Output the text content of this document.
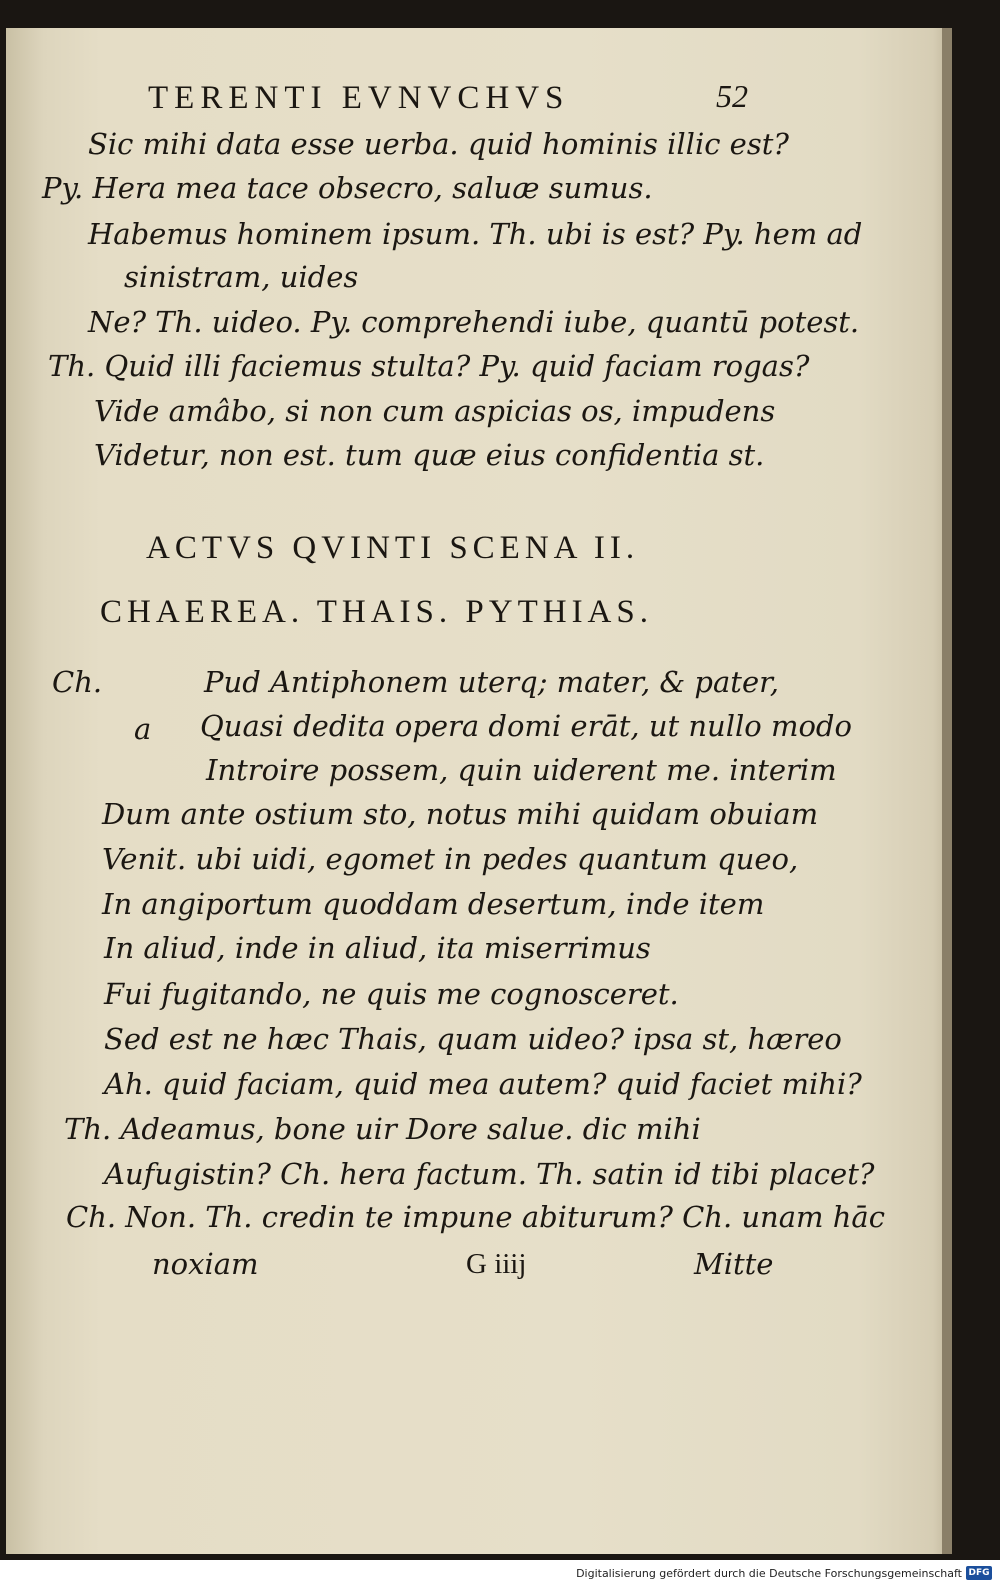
TERENTI EVNVCHVS	52
Sic mihi data esse uerba. quid hominis illic est?
Py. Hera mea tace obsecro, saluæ sumus.
Habemus hominem ipsum. Th. ubi is est? Py. hem ad
sinistram, uides
Ne? Th. uideo. Py. comprehendi iube, quantū potest.
Th. Quid illi faciemus stulta? Py. quid faciam rogas?
Vide amâbo, si non cum aspicias os, impudens
Videtur, non est. tum quæ eius confidentia st.
ACTVS QVINTI SCENA II.
CHAEREA. THAIS. PYTHIAS.
Ch.
a
Pud Antiphonem uterq; mater, & pater,
Quasi dedita opera domi erāt, ut nullo modo
Introire possem, quin uiderent me. interim
Dum ante ostium sto, notus mihi quidam obuiam
Venit. ubi uidi, egomet in pedes quantum queo,
In angiportum quoddam desertum, inde item
In aliud, inde in aliud, ita miserrimus
Fui fugitando, ne quis me cognosceret.
Sed est ne hæc Thais, quam uideo? ipsa st, hæreo
Ah. quid faciam, quid mea autem? quid faciet mihi?
Th. Adeamus, bone uir Dore salue. dic mihi
Aufugistin? Ch. hera factum. Th. satin id tibi placet?
Ch. Non. Th. credin te impune abiturum? Ch. unam hāc
noxiam	G iiij	Mitte
Digitalisierung gefördert durch die Deutsche Forschungsgemeinschaft DFG
